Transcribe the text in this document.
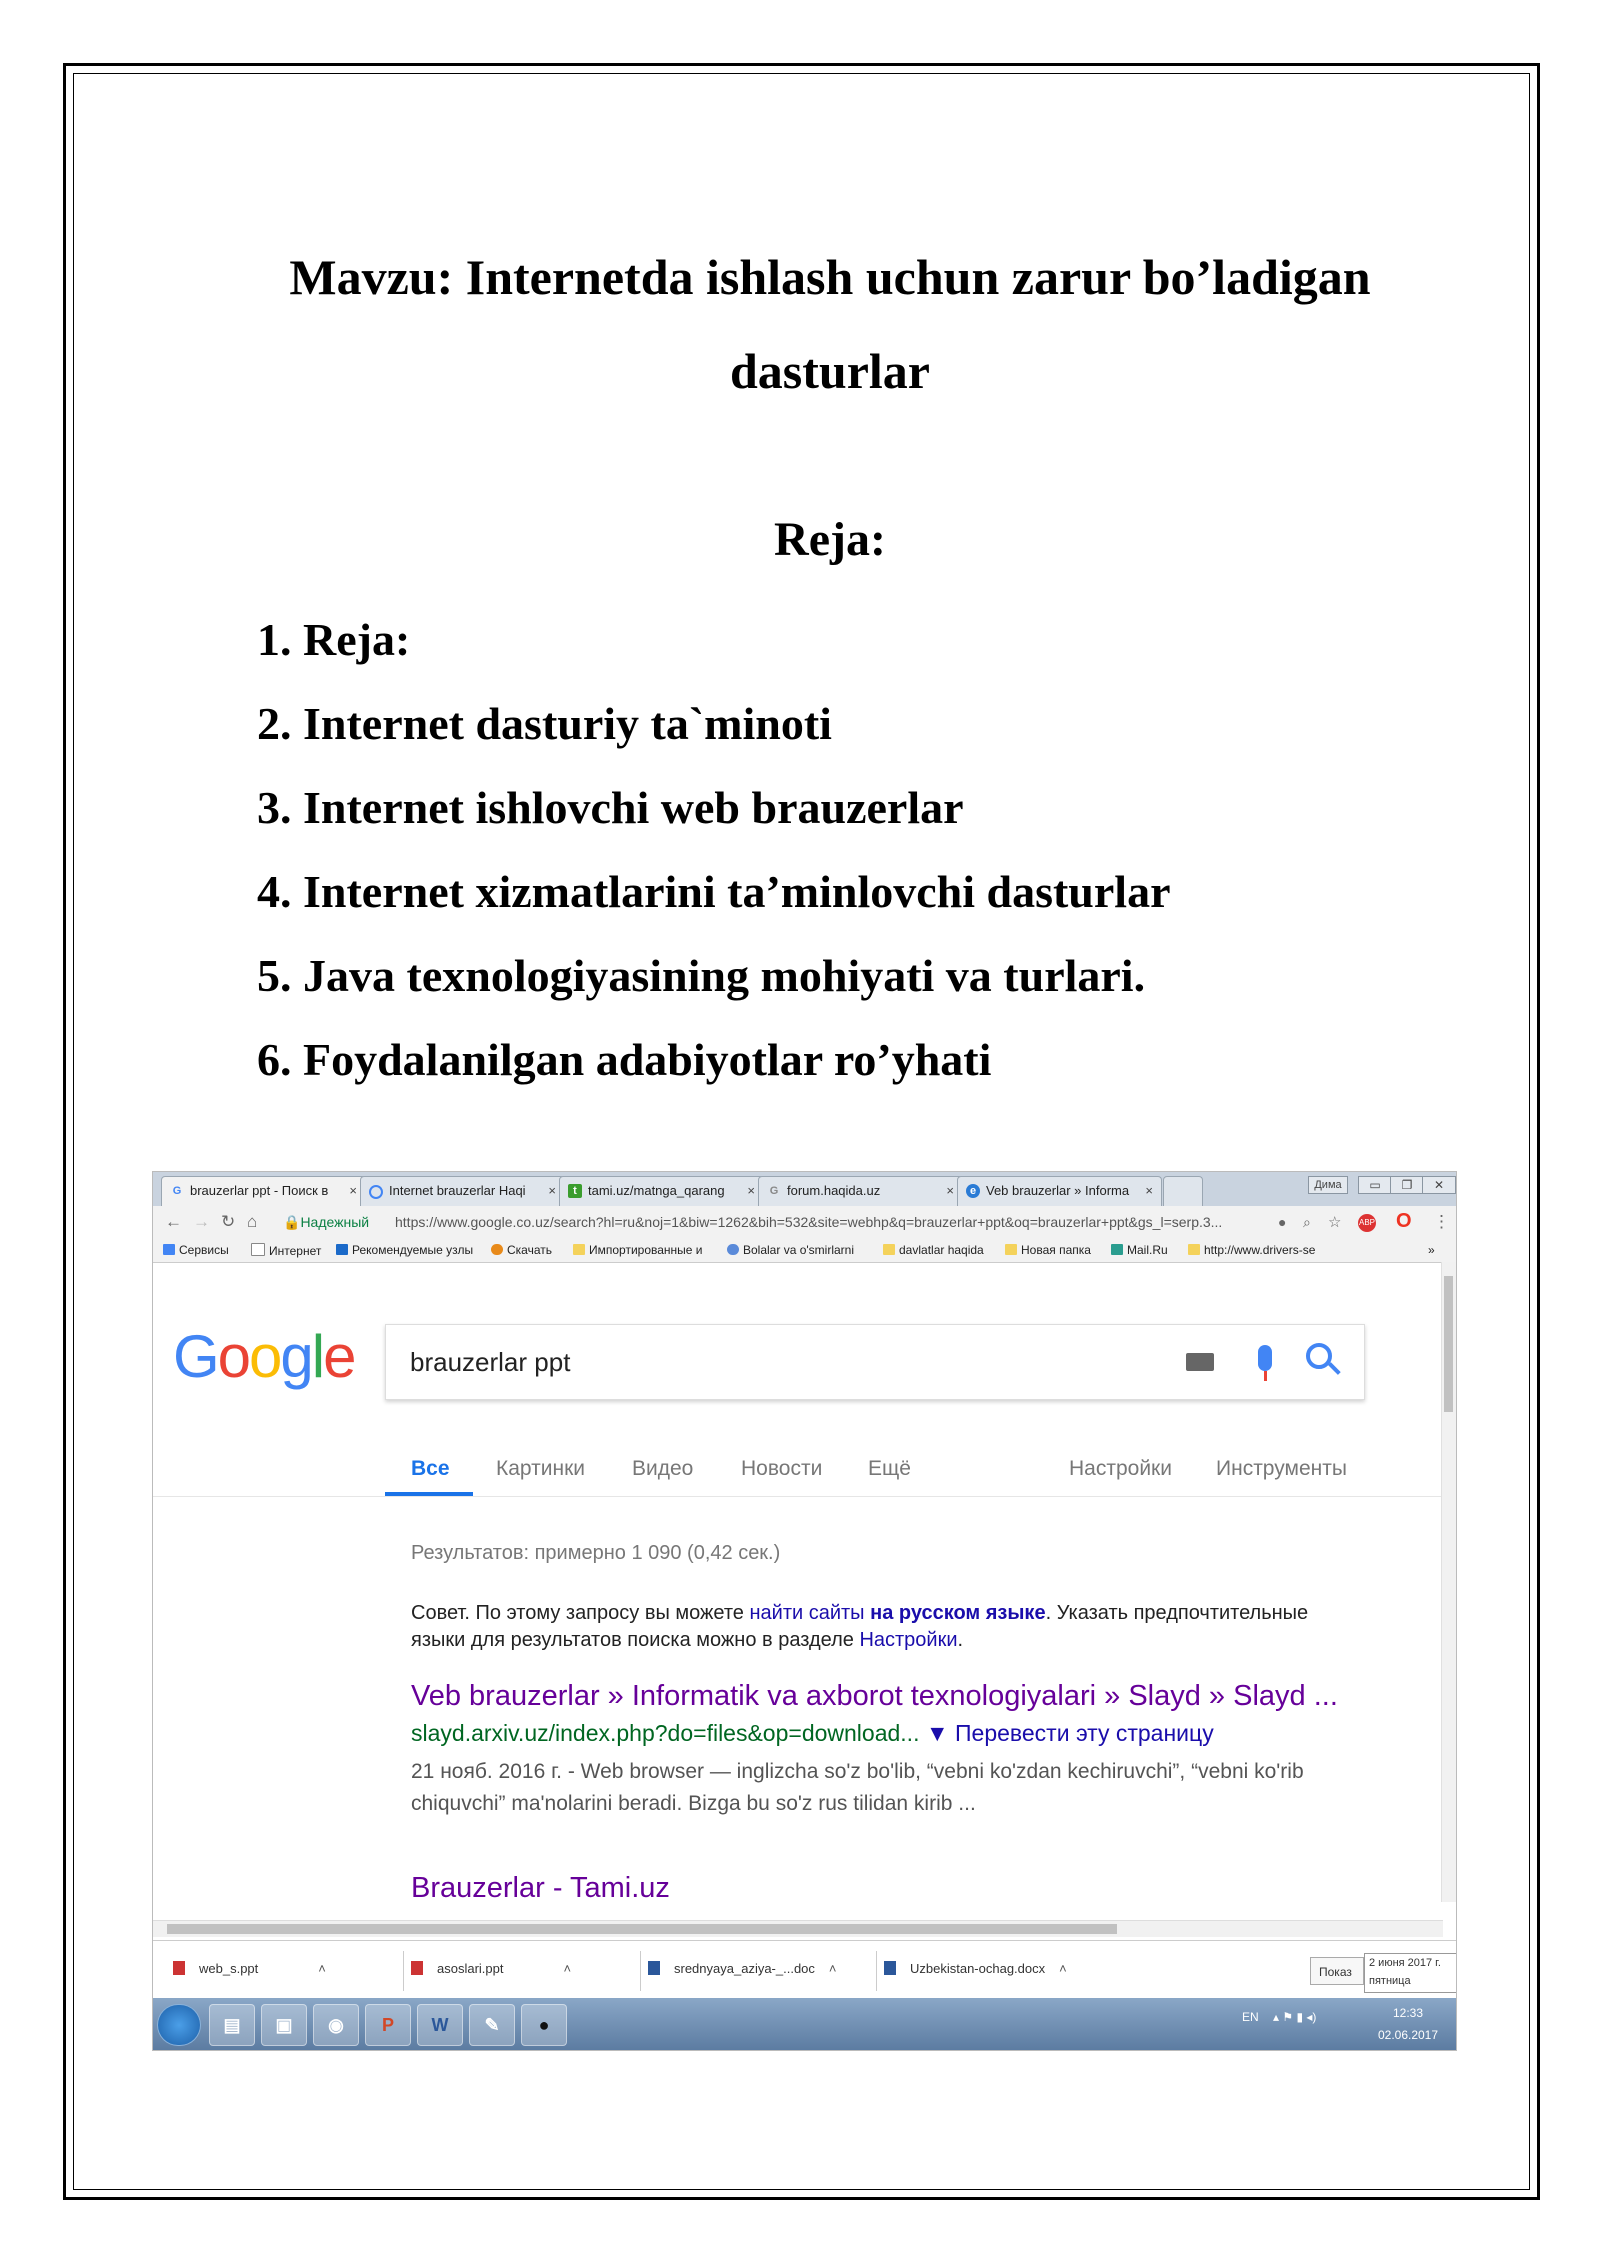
Mavzu: Internetda ishlash uchun zarur bo’ladigan dasturlar
Reja:
1. Reja:
2. Internet dasturiy ta`minoti
3. Internet ishlovchi web brauzerlar
4. Internet xizmatlarini ta’minlovchi dasturlar
5. Java texnologiyasining mohiyati va turlari.
6. Foydalanilgan adabiyotlar ro’yhati
G brauzerlar ppt - Поиск в ×	Internet brauzerlar Haqi ×	t tami.uz/matnga_qarang × G forum.haqida.uz	×	e Veb brauzerlar » Informa ×	Дима	▭	❐	✕
← → ↻ ⌂ 🔒Надежный https://www.google.co.uz/search?hl=ru&noj=1&biw=1262&bih=532&site=webhp&q=brauzerlar+ppt&oq=brauzerlar+ppt&gs_l=serp.3...	● ⌕ ☆ ABP O ⋮
Сервисы	Интернет	Рекомендуемые узлы	Скачать	Импортированные и	Bolalar va o'smirlarni	davlatlar haqida	Новая папка	Mail.Ru	http://www.drivers-se	»
Google brauzerlar ppt
Все Картинки Видео Новости Ещё	Настройки Инструменты
Результатов: примерно 1 090 (0,42 сек.)
Совет. По этому запросу вы можете найти сайты на русском языке. Указать предпочтительные языки для результатов поиска можно в разделе Настройки.
Veb brauzerlar » Informatik va axborot texnologiyalari » Slayd » Slayd ...
slayd.arxiv.uz/index.php?do=files&op=download... ▼ Перевести эту страницу
21 нояб. 2016 г. - Web browser — inglizcha so'z bo'lib, “vebni ko'zdan kechiruvchi”, “vebni ko'rib chiquvchi” ma'nolarini beradi. Bizga bu so'z rus tilidan kirib ...
Brauzerlar - Tami.uz
web_s.ppt	˄	asoslari.ppt	˄	srednyaya_aziya-_...doc ˄	Uzbekistan-ochag.docx ˄	Показ
2 июня 2017 г.
пятница
▤	▣	◉	P	W	✎	●	EN ▴ ⚑ ▮ ◂)	12:33
02.06.2017
